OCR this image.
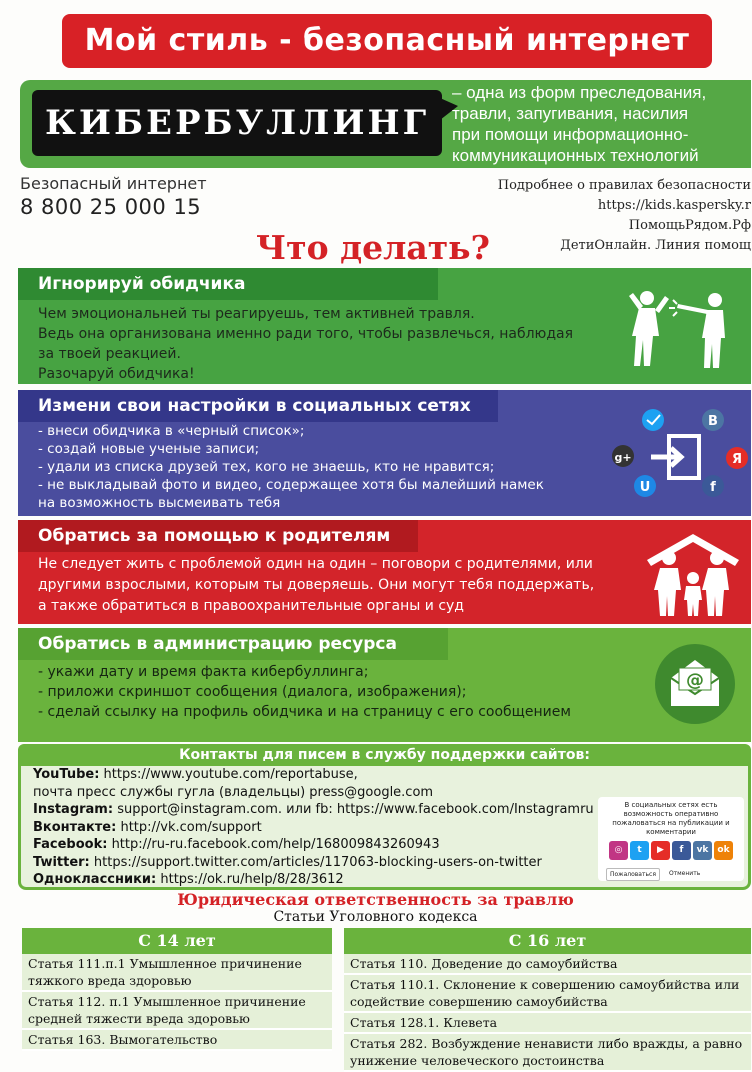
Мой стиль - безопасный интернет
КИБЕРБУЛЛИНГ
– одна из форм преследования,
травли, запугивания, насилия
при помощи информационно-
коммуникационных технологий
Безопасный интернет
8 800 25 000 15
Подробнее о правилах безопасности
https://kids.kaspersky.r
ПомощьРядом.Рф
ДетиОнлайн. Линия помощ
Что делать?
Игнорируй обидчика
Чем эмоциональней ты реагируешь, тем активней травля.
Ведь она организована именно ради того, чтобы развлечься, наблюдая
за твоей реакцией.
Разочаруй обидчика!
Измени свои настройки в социальных сетях
- внеси обидчика в «черный список»;
- создай новые ученые записи;
- удали из списка друзей тех, кого не знаешь, кто не нравится;
- не выкладывай фото и видео, содержащее хотя бы малейший намек
на возможность высмеивать тебя
B
g+	Я
U	f
Обратись за помощью к родителям
Не следует жить с проблемой один на один – поговори с родителями, или
другими взрослыми, которым ты доверяешь. Они могут тебя поддержать,
а также обратиться в правоохранительные органы и суд
Обратись в администрацию ресурса
- укажи дату и время факта кибербуллинга;
- приложи скриншот сообщения (диалога, изображения);
- сделай ссылку на профиль обидчика и на страницу с его сообщением
@
Контакты для писем в службу поддержки сайтов:
YouTube: https://www.youtube.com/reportabuse,
почта пресс службы гугла (владельцы) press@google.com
Instagram: support@instagram.com. или fb: https://www.facebook.com/Instagramru
Вконтакте: http://vk.com/support
Facebook: http://ru-ru.facebook.com/help/168009843260943
Twitter: https://support.twitter.com/articles/117063-blocking-users-on-twitter
Одноклассники: https://ok.ru/help/8/28/3612
В социальных сетях есть возможность оперативно пожаловаться на публикации и комментарии
◎	t	▶	f	vk ok
Пожаловаться	Отменить
Юридическая ответственность за травлю
Статьи Уголовного кодекса
С 14 лет
Статья 111.п.1 Умышленное причинение тяжкого вреда здоровью
Статья 112. п.1 Умышленное причинение средней тяжести вреда здоровью
Статья 163. Вымогательство
С 16 лет
Статья 110. Доведение до самоубийства
Статья 110.1. Склонение к совершению самоубийства или содействие совершению самоубийства
Статья 128.1. Клевета
Статья 282. Возбуждение ненависти либо вражды, а равно унижение человеческого достоинства
